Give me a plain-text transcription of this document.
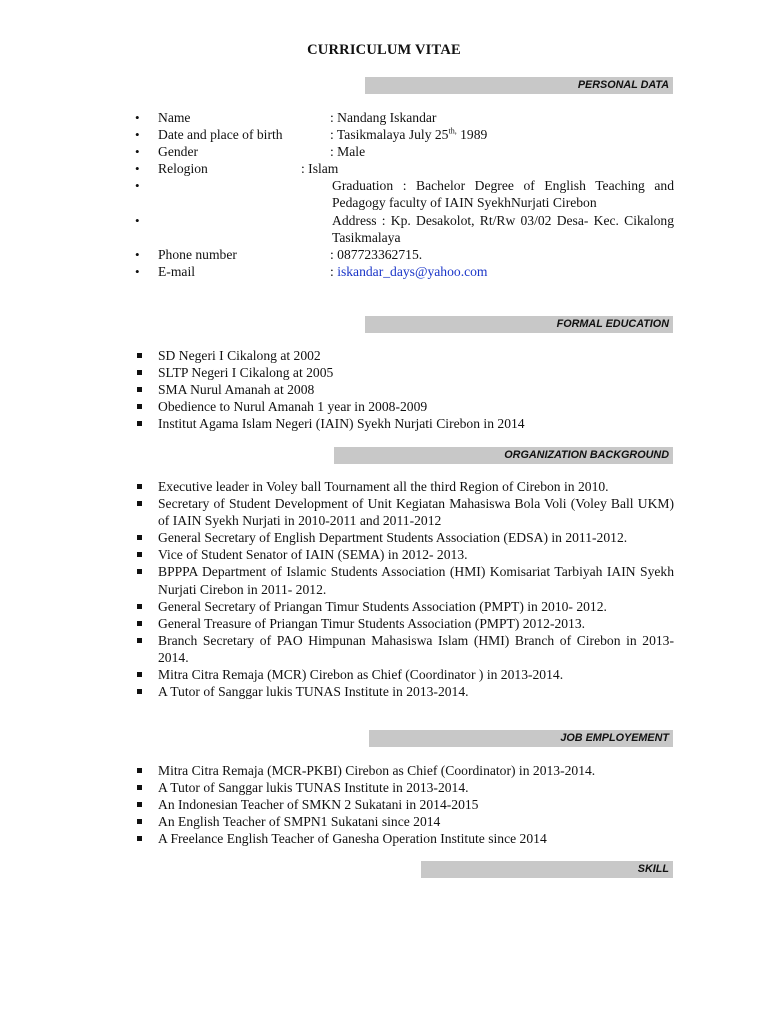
CURRICULUM VITAE
PERSONAL DATA
• Name	: Nandang Iskandar
• Date and place of birth	: Tasikmalaya July $25^{th,}$ 1989
• Gender	: Male
• Relogion	: Islam
• Graduation : Bachelor Degree of English Teaching and Pedagogy faculty of IAIN SyekhNurjati Cirebon
• Address : Kp. Desakolot, Rt/Rw 03/02 Desa- Kec. Cikalong Tasikmalaya
• Phone number	: 087723362715.
• E-mail	: iskandar_days@yahoo.com
FORMAL EDUCATION
SD Negeri I Cikalong at 2002
SLTP Negeri I Cikalong at 2005
SMA Nurul Amanah at 2008
Obedience to Nurul Amanah 1 year in 2008-2009
Institut Agama Islam Negeri (IAIN) Syekh Nurjati Cirebon in 2014
ORGANIZATION BACKGROUND
Executive leader in Voley ball Tournament all the third Region of Cirebon in 2010.
Secretary of Student Development of Unit Kegiatan Mahasiswa Bola Voli (Voley Ball UKM) of IAIN Syekh Nurjati in 2010-2011 and 2011-2012
General Secretary of English Department Students Association (EDSA) in 2011-2012.
Vice of Student Senator of IAIN (SEMA) in 2012- 2013.
BPPPA Department of Islamic Students Association (HMI) Komisariat Tarbiyah IAIN Syekh Nurjati Cirebon in 2011- 2012.
General Secretary of Priangan Timur Students Association (PMPT) in 2010- 2012.
General Treasure of Priangan Timur Students Association (PMPT) 2012-2013.
Branch Secretary of PAO Himpunan Mahasiswa Islam (HMI) Branch of Cirebon in 2013- 2014.
Mitra Citra Remaja (MCR) Cirebon as Chief (Coordinator ) in 2013-2014.
A Tutor of Sanggar lukis TUNAS Institute in 2013-2014.
JOB EMPLOYEMENT
Mitra Citra Remaja (MCR-PKBI) Cirebon as Chief (Coordinator) in 2013-2014.
A Tutor of Sanggar lukis TUNAS Institute in 2013-2014.
An Indonesian Teacher of SMKN 2 Sukatani in 2014-2015
An English Teacher of SMPN1 Sukatani since 2014
A Freelance English Teacher of Ganesha Operation Institute since 2014
SKILL
